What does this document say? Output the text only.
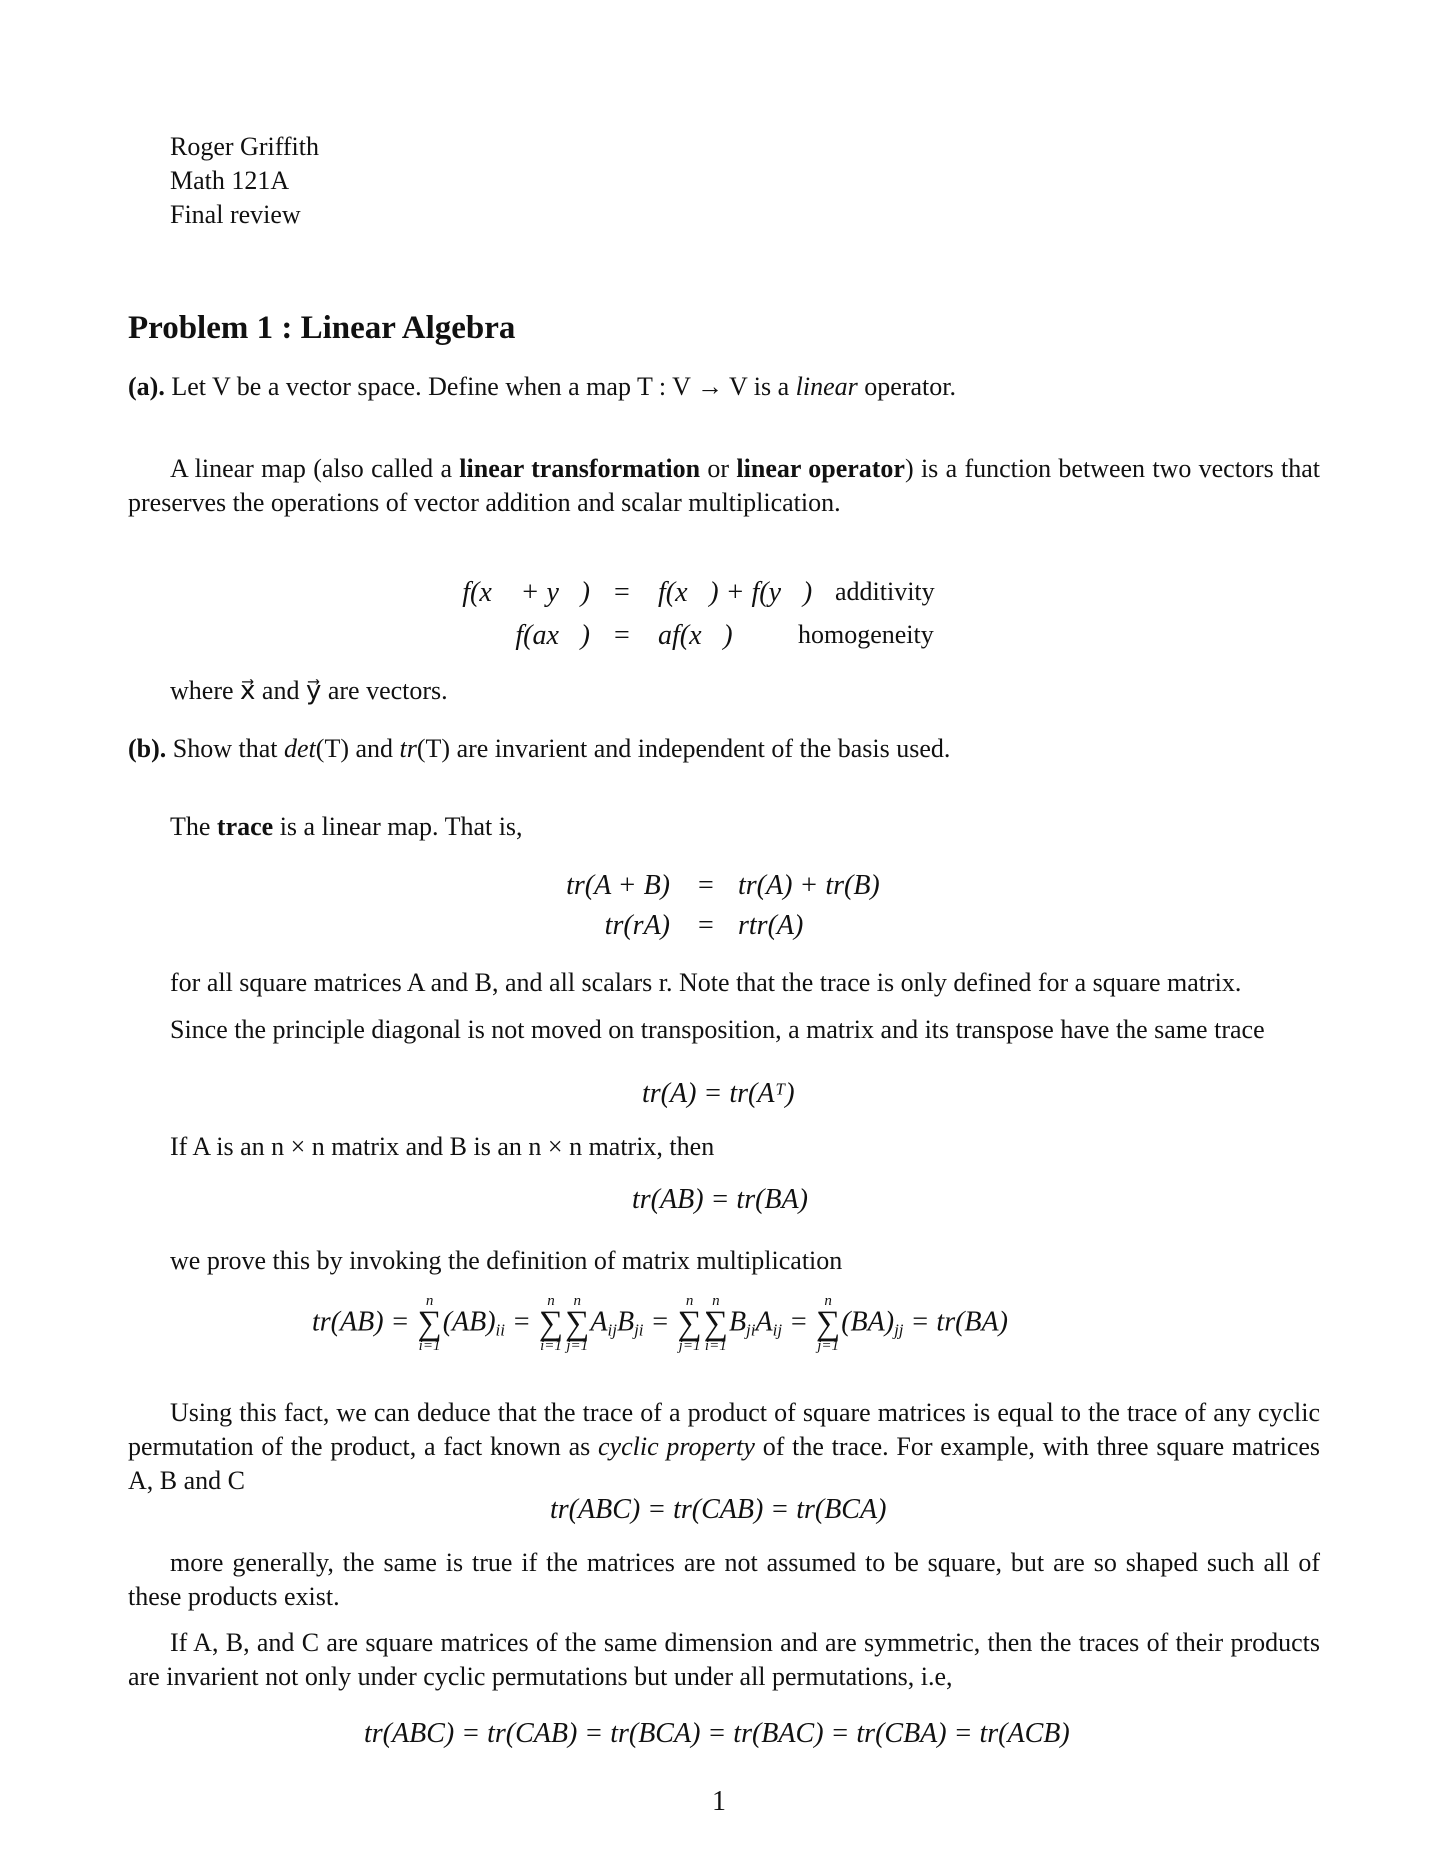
Roger Griffith
Math 121A
Final review
Problem 1 : Linear Algebra
(a). Let V be a vector space. Define when a map T : V → V is a linear operator.
A linear map (also called a linear transformation or linear operator) is a function between two vectors that preserves the operations of vector addition and scalar multiplication.
f(x⃗ + y⃗) = f(x⃗) + f(y⃗) additivity
f(ax⃗) = af(x⃗)	homogeneity
where x⃗ and y⃗ are vectors.
(b). Show that det(T) and tr(T) are invarient and independent of the basis used.
The trace is a linear map. That is,
tr(A + B) = tr(A) + tr(B)
tr(rA) = rtr(A)
for all square matrices A and B, and all scalars r. Note that the trace is only defined for a square matrix.
Since the principle diagonal is not moved on transposition, a matrix and its transpose have the same trace
tr(A) = tr(Aᵀ)
If A is an n × n matrix and B is an n × n matrix, then
tr(AB) = tr(BA)
we prove this by invoking the definition of matrix multiplication
tr(AB) =
n
∑
i=1
$(AB)_{ii}$ =
n
∑
i=1
n
∑
j=1
$A_{ij}B_{ji}$ =
n
∑
j=1
n
∑
i=1
$B_{ji}A_{ij}$ =
n
∑
j=1
$(BA)_{jj} = tr(BA)$
Using this fact, we can deduce that the trace of a product of square matrices is equal to the trace of any cyclic permutation of the product, a fact known as cyclic property of the trace. For example, with three square matrices A, B and C
tr(ABC) = tr(CAB) = tr(BCA)
more generally, the same is true if the matrices are not assumed to be square, but are so shaped such all of these products exist.
If A, B, and C are square matrices of the same dimension and are symmetric, then the traces of their products are invarient not only under cyclic permutations but under all permutations, i.e,
tr(ABC) = tr(CAB) = tr(BCA) = tr(BAC) = tr(CBA) = tr(ACB)
1
